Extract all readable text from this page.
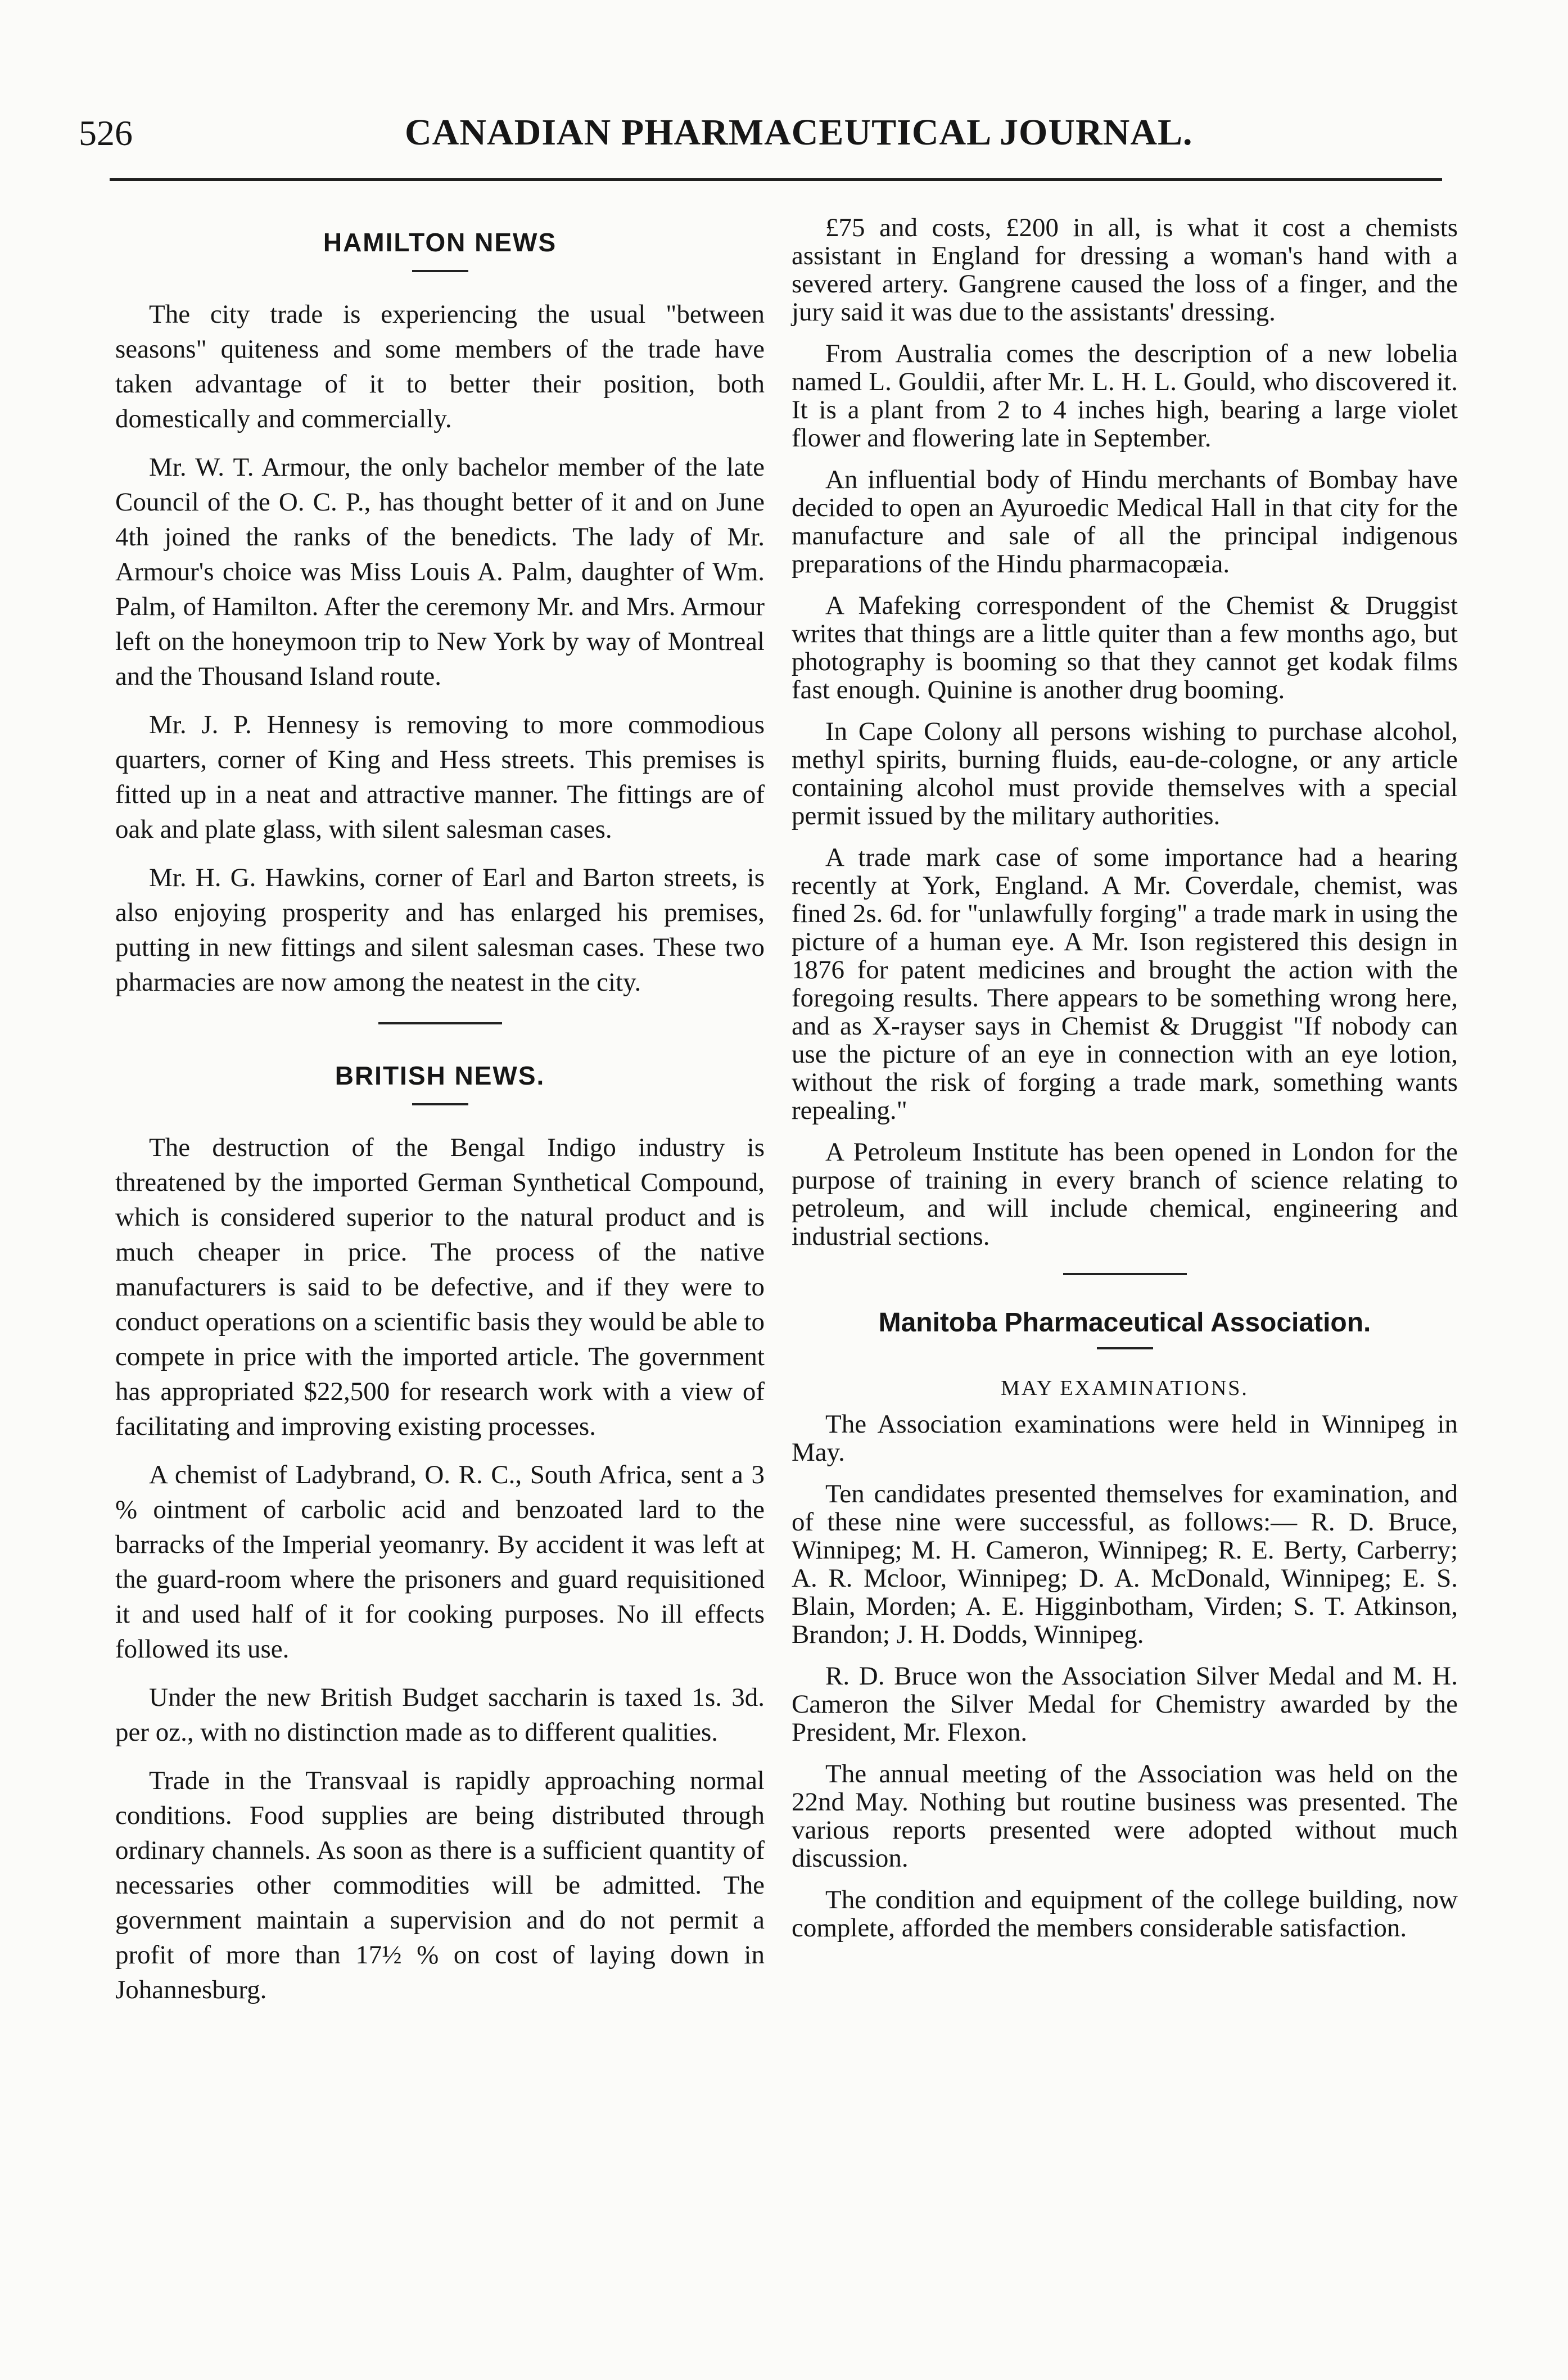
526	CANADIAN PHARMACEUTICAL JOURNAL.
HAMILTON NEWS

The city trade is experiencing the usual "between seasons" quiteness and some members of the trade have taken advantage of it to better their position, both domestically and commercially.

Mr. W. T. Armour, the only bachelor member of the late Council of the O. C. P., has thought better of it and on June 4th joined the ranks of the benedicts. The lady of Mr. Armour's choice was Miss Louis A. Palm, daughter of Wm. Palm, of Hamilton. After the ceremony Mr. and Mrs. Armour left on the honeymoon trip to New York by way of Montreal and the Thousand Island route.

Mr. J. P. Hennesy is removing to more commodious quarters, corner of King and Hess streets. This premises is fitted up in a neat and attractive manner. The fittings are of oak and plate glass, with silent salesman cases.

Mr. H. G. Hawkins, corner of Earl and Barton streets, is also enjoying prosperity and has enlarged his premises, putting in new fittings and silent salesman cases. These two pharmacies are now among the neatest in the city.

BRITISH NEWS.

The destruction of the Bengal Indigo industry is threatened by the imported German Synthetical Compound, which is considered superior to the natural product and is much cheaper in price. The process of the native manufacturers is said to be defective, and if they were to conduct operations on a scientific basis they would be able to compete in price with the imported article. The government has appropriated $22,500 for research work with a view of facilitating and improving existing processes.

A chemist of Ladybrand, O. R. C., South Africa, sent a 3 % ointment of carbolic acid and benzoated lard to the barracks of the Imperial yeomanry. By accident it was left at the guard-room where the prisoners and guard requisitioned it and used half of it for cooking purposes. No ill effects followed its use.

Under the new British Budget saccharin is taxed 1s. 3d. per oz., with no distinction made as to different qualities.

Trade in the Transvaal is rapidly approaching normal conditions. Food supplies are being distributed through ordinary channels. As soon as there is a sufficient quantity of necessaries other commodities will be admitted. The government maintain a supervision and do not permit a profit of more than 17½ % on cost of laying down in Johannesburg.

£75 and costs, £200 in all, is what it cost a chemists assistant in England for dressing a woman's hand with a severed artery. Gangrene caused the loss of a finger, and the jury said it was due to the assistants' dressing.

From Australia comes the description of a new lobelia named L. Gouldii, after Mr. L. H. L. Gould, who discovered it. It is a plant from 2 to 4 inches high, bearing a large violet flower and flowering late in September.

An influential body of Hindu merchants of Bombay have decided to open an Ayuroedic Medical Hall in that city for the manufacture and sale of all the principal indigenous preparations of the Hindu pharmacopæia.

A Mafeking correspondent of the Chemist & Druggist writes that things are a little quiter than a few months ago, but photography is booming so that they cannot get kodak films fast enough. Quinine is another drug booming.

In Cape Colony all persons wishing to purchase alcohol, methyl spirits, burning fluids, eau-de-cologne, or any article containing alcohol must provide themselves with a special permit issued by the military authorities.

A trade mark case of some importance had a hearing recently at York, England. A Mr. Coverdale, chemist, was fined 2s. 6d. for "unlawfully forging" a trade mark in using the picture of a human eye. A Mr. Ison registered this design in 1876 for patent medicines and brought the action with the foregoing results. There appears to be something wrong here, and as X-rayser says in Chemist & Druggist "If nobody can use the picture of an eye in connection with an eye lotion, without the risk of forging a trade mark, something wants repealing."

A Petroleum Institute has been opened in London for the purpose of training in every branch of science relating to petroleum, and will include chemical, engineering and industrial sections.

Manitoba Pharmaceutical Association.
MAY EXAMINATIONS.

The Association examinations were held in Winnipeg in May.

Ten candidates presented themselves for examination, and of these nine were successful, as follows:— R. D. Bruce, Winnipeg; M. H. Cameron, Winnipeg; R. E. Berty, Carberry; A. R. Mcloor, Winnipeg; D. A. McDonald, Winnipeg; E. S. Blain, Morden; A. E. Higginbotham, Virden; S. T. Atkinson, Brandon; J. H. Dodds, Winnipeg.

R. D. Bruce won the Association Silver Medal and M. H. Cameron the Silver Medal for Chemistry awarded by the President, Mr. Flexon.

The annual meeting of the Association was held on the 22nd May. Nothing but routine business was presented. The various reports presented were adopted without much discussion.

The condition and equipment of the college building, now complete, afforded the members considerable satisfaction.
